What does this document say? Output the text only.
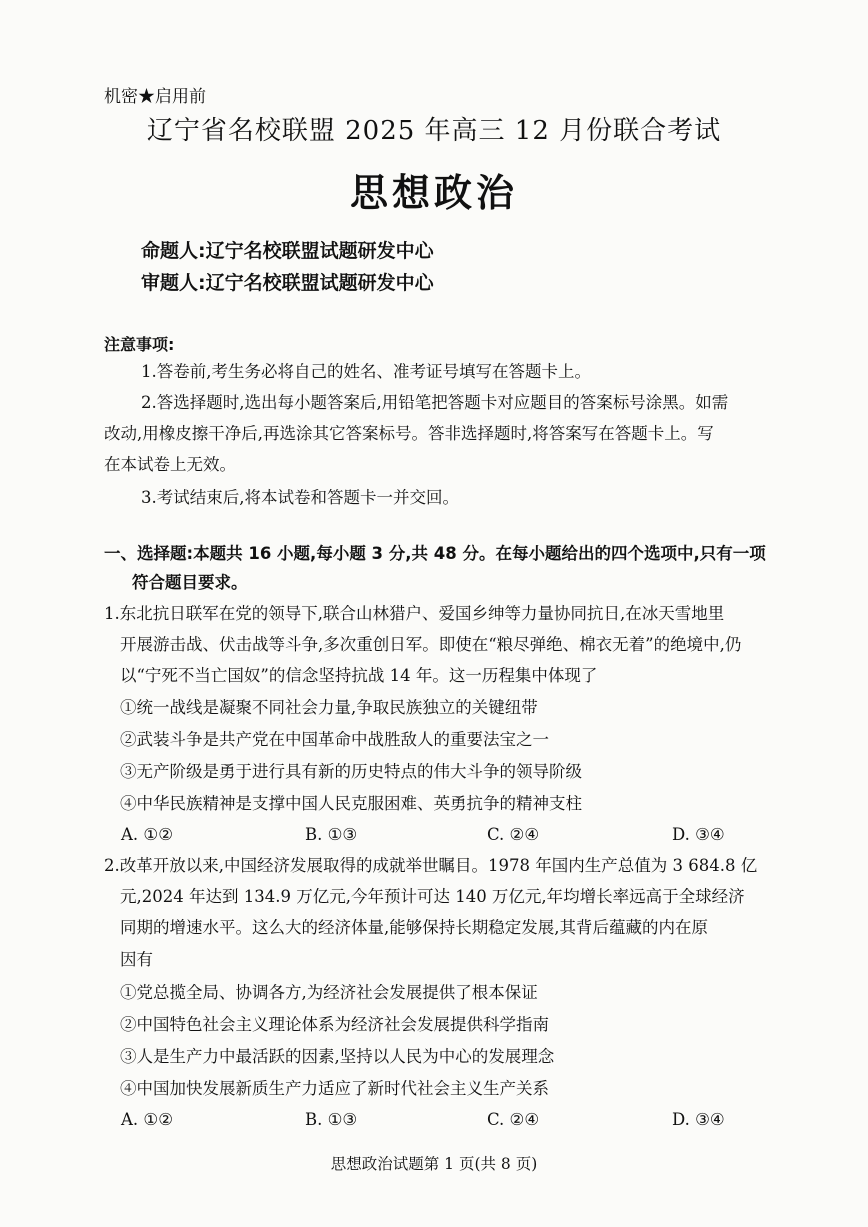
机密★启用前
辽宁省名校联盟 2025 年高三 12 月份联合考试
思想政治
命题人:辽宁名校联盟试题研发中心
审题人:辽宁名校联盟试题研发中心
注意事项:
1.答卷前,考生务必将自己的姓名、准考证号填写在答题卡上。
2.答选择题时,选出每小题答案后,用铅笔把答题卡对应题目的答案标号涂黑。如需
改动,用橡皮擦干净后,再选涂其它答案标号。答非选择题时,将答案写在答题卡上。写
在本试卷上无效。
3.考试结束后,将本试卷和答题卡一并交回。
一、选择题:本题共 16 小题,每小题 3 分,共 48 分。在每小题给出的四个选项中,只有一项
符合题目要求。
1.东北抗日联军在党的领导下,联合山林猎户、爱国乡绅等力量协同抗日,在冰天雪地里
开展游击战、伏击战等斗争,多次重创日军。即使在“粮尽弹绝、棉衣无着”的绝境中,仍
以“宁死不当亡国奴”的信念坚持抗战 14 年。这一历程集中体现了
①统一战线是凝聚不同社会力量,争取民族独立的关键纽带
②武装斗争是共产党在中国革命中战胜敌人的重要法宝之一
③无产阶级是勇于进行具有新的历史特点的伟大斗争的领导阶级
④中华民族精神是支撑中国人民克服困难、英勇抗争的精神支柱
A. ①②	B. ①③	C. ②④	D. ③④
2.改革开放以来,中国经济发展取得的成就举世瞩目。1978 年国内生产总值为 3 684.8 亿
元,2024 年达到 134.9 万亿元,今年预计可达 140 万亿元,年均增长率远高于全球经济
同期的增速水平。这么大的经济体量,能够保持长期稳定发展,其背后蕴藏的内在原
因有
①党总揽全局、协调各方,为经济社会发展提供了根本保证
②中国特色社会主义理论体系为经济社会发展提供科学指南
③人是生产力中最活跃的因素,坚持以人民为中心的发展理念
④中国加快发展新质生产力适应了新时代社会主义生产关系
A. ①②	B. ①③	C. ②④	D. ③④
思想政治试题第 1 页(共 8 页)
